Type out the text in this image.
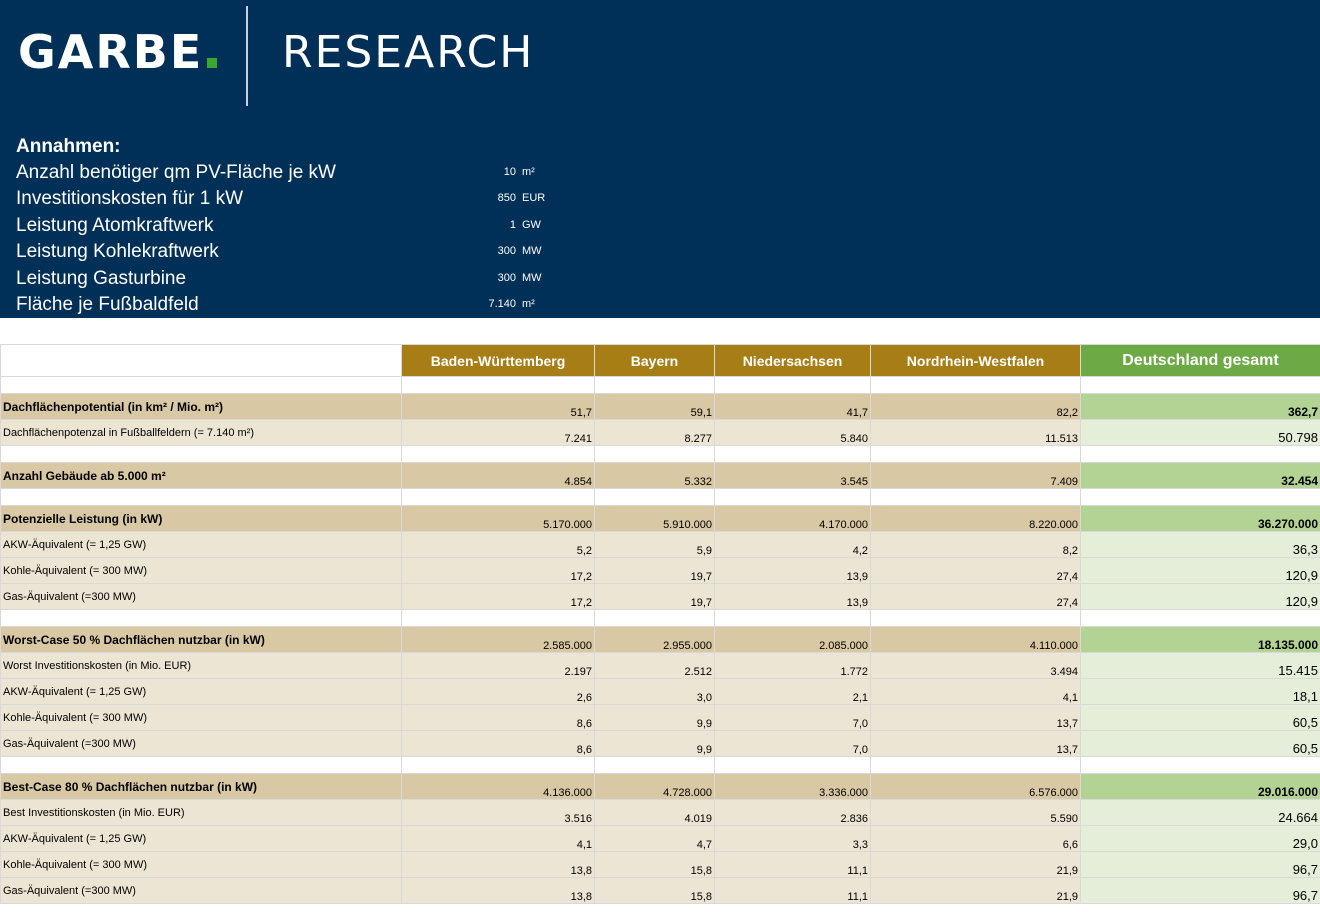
GARBE	RESEARCH
Annahmen:
Anzahl benötiger qm PV-Fläche je kW	10 m²
Investitionskosten für 1 kW	850 EUR
Leistung Atomkraftwerk	1 GW
Leistung Kohlekraftwerk	300 MW
Leistung Gasturbine	300 MW
Fläche je Fußbaldfeld	7.140 m²
	Baden-Württemberg	Bayern	Niedersachsen	Nordrhein-Westfalen	Deutschland gesamt

Dachflächenpotential (in km² / Mio. m²)	51,7	59,1	41,7	82,2	362,7
Dachflächenpotenzal in Fußballfeldern (= 7.140 m²)	7.241	8.277	5.840	11.513	50.798

Anzahl Gebäude ab 5.000 m²	4.854	5.332	3.545	7.409	32.454

Potenzielle Leistung (in kW)	5.170.000	5.910.000	4.170.000	8.220.000	36.270.000
AKW-Äquivalent (= 1,25 GW)	5,2	5,9	4,2	8,2	36,3
Kohle-Äquivalent (= 300 MW)	17,2	19,7	13,9	27,4	120,9
Gas-Äquivalent (=300 MW)	17,2	19,7	13,9	27,4	120,9

Worst-Case 50 % Dachflächen nutzbar (in kW)	2.585.000	2.955.000	2.085.000	4.110.000	18.135.000
Worst Investitionskosten (in Mio. EUR)	2.197	2.512	1.772	3.494	15.415
AKW-Äquivalent (= 1,25 GW)	2,6	3,0	2,1	4,1	18,1
Kohle-Äquivalent (= 300 MW)	8,6	9,9	7,0	13,7	60,5
Gas-Äquivalent (=300 MW)	8,6	9,9	7,0	13,7	60,5

Best-Case 80 % Dachflächen nutzbar (in kW)	4.136.000	4.728.000	3.336.000	6.576.000	29.016.000
Best Investitionskosten (in Mio. EUR)	3.516	4.019	2.836	5.590	24.664
AKW-Äquivalent (= 1,25 GW)	4,1	4,7	3,3	6,6	29,0
Kohle-Äquivalent (= 300 MW)	13,8	15,8	11,1	21,9	96,7
Gas-Äquivalent (=300 MW)	13,8	15,8	11,1	21,9	96,7
